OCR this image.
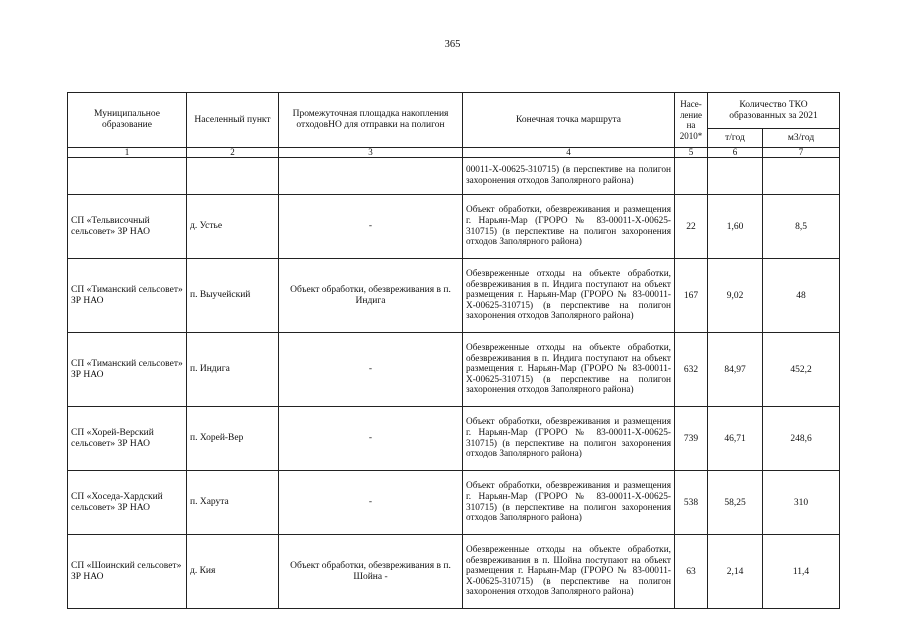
365
Муниципальное образование	Населенный пункт	Промежуточная площадка накопления отходовНО для отправки на полигон	Конечная точка маршрута	Насе-ление на 2010*	Количество ТКО образованных за 2021	
					т/год	м3/год
1	2	3	4	5	6	7
			00011-Х-00625-310715) (в перспективе на полигон захоронения отходов Заполярного района)			
СП «Тельвисочный сельсовет» ЗР НАО	д. Устье	-	Объект обработки, обезвреживания и размещения г. Нарьян-Мар (ГРОРО № 83-00011-Х-00625-310715) (в перспективе на полигон захоронения отходов Заполярного района)	22	1,60	8,5
СП «Тиманский сельсовет» ЗР НАО	п. Выучейский	Объект обработки, обезвреживания в п. Индига	Обезвреженные отходы на объекте обработки, обезвреживания в п. Индига поступают на объект размещения г. Нарьян-Мар (ГРОРО № 83-00011-Х-00625-310715) (в перспективе на полигон захоронения отходов Заполярного района)	167	9,02	48
СП «Тиманский сельсовет» ЗР НАО	п. Индига	-	Обезвреженные отходы на объекте обработки, обезвреживания в п. Индига поступают на объект размещения г. Нарьян-Мар (ГРОРО № 83-00011-Х-00625-310715) (в перспективе на полигон захоронения отходов Заполярного района)	632	84,97	452,2
СП «Хорей-Верский сельсовет» ЗР НАО	п. Хорей-Вер	-	Объект обработки, обезвреживания и размещения г. Нарьян-Мар (ГРОРО № 83-00011-Х-00625-310715) (в перспективе на полигон захоронения отходов Заполярного района)	739	46,71	248,6
СП «Хоседа-Хардский сельсовет» ЗР НАО	п. Харута	-	Объект обработки, обезвреживания и размещения г. Нарьян-Мар (ГРОРО № 83-00011-Х-00625-310715) (в перспективе на полигон захоронения отходов Заполярного района)	538	58,25	310
СП «Шоинский сельсовет» ЗР НАО	д. Кия	Объект обработки, обезвреживания в п. Шойна -	Обезвреженные отходы на объекте обработки, обезвреживания в п. Шойна поступают на объект размещения г. Нарьян-Мар (ГРОРО № 83-00011-Х-00625-310715) (в перспективе на полигон захоронения отходов Заполярного района)	63	2,14	11,4
